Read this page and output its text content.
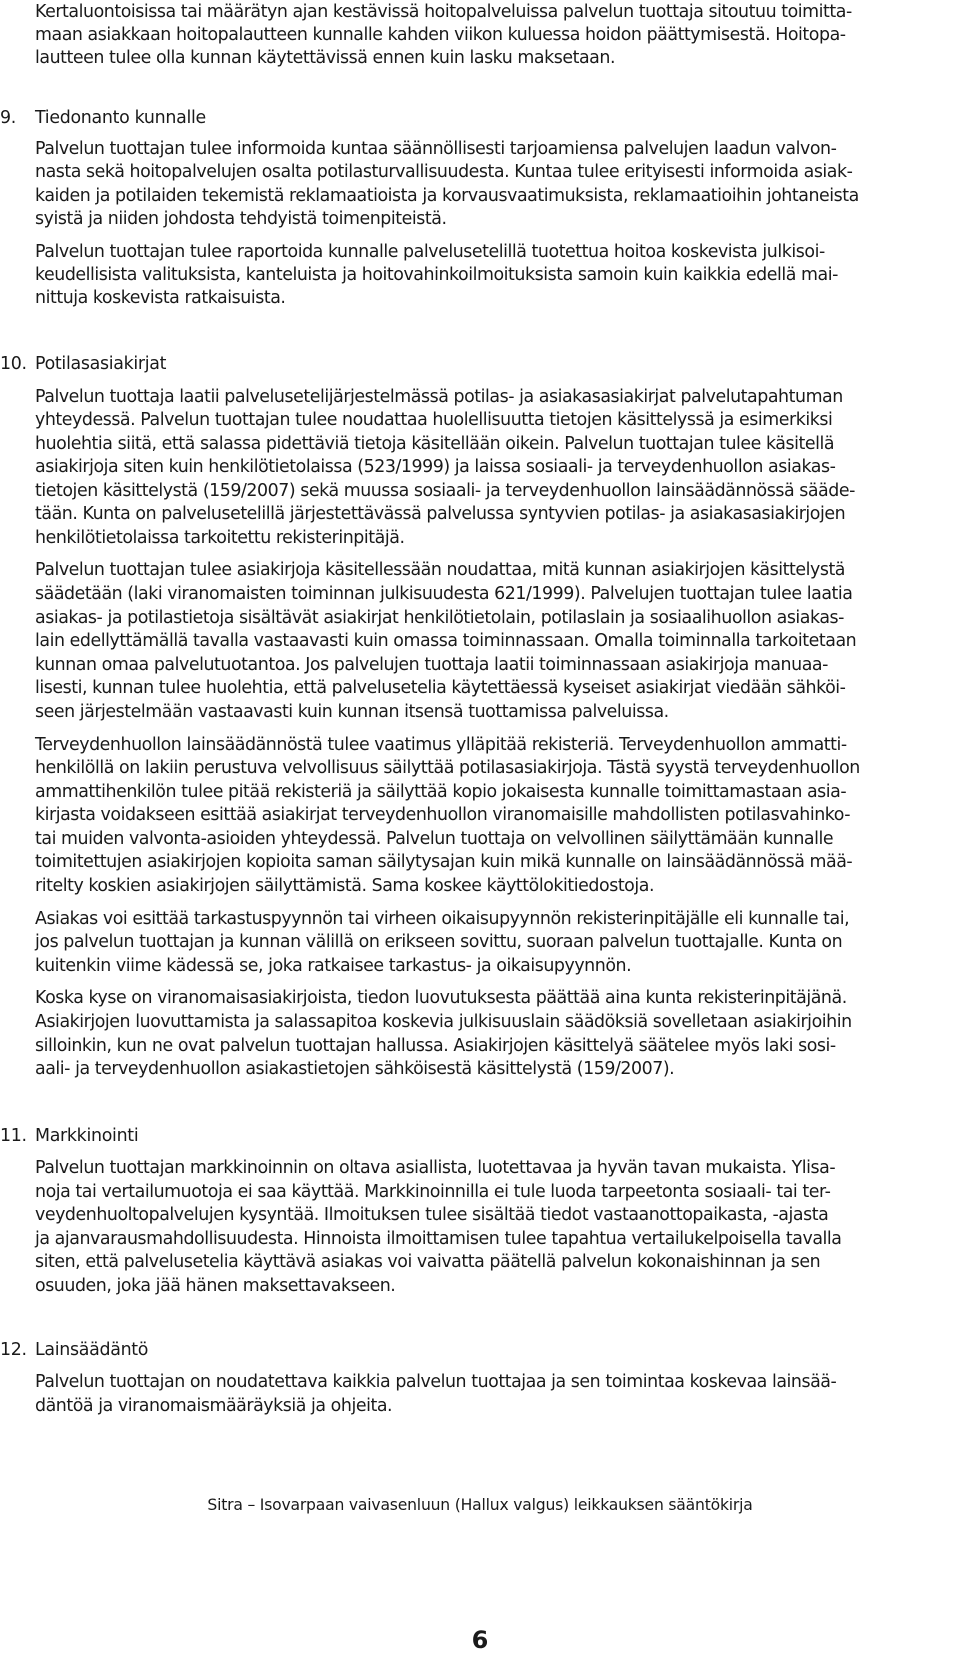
Kertaluontoisissa tai määrätyn ajan kestävissä hoitopalveluissa palvelun tuottaja sitoutuu toimitta-
maan asiakkaan hoitopalautteen kunnalle kahden viikon kuluessa hoidon päättymisestä. Hoitopa-
lautteen tulee olla kunnan käytettävissä ennen kuin lasku maksetaan.
9. Tiedonanto kunnalle
Palvelun tuottajan tulee informoida kuntaa säännöllisesti tarjoamiensa palvelujen laadun valvon-
nasta sekä hoitopalvelujen osalta potilasturvallisuudesta. Kuntaa tulee erityisesti informoida asiak-
kaiden ja potilaiden tekemistä reklamaatioista ja korvausvaatimuksista, reklamaatioihin johtaneista
syistä ja niiden johdosta tehdyistä toimenpiteistä.
Palvelun tuottajan tulee raportoida kunnalle palvelusetelillä tuotettua hoitoa koskevista julkisoi-
keudellisista valituksista, kanteluista ja hoitovahinkoilmoituksista samoin kuin kaikkia edellä mai-
nittuja koskevista ratkaisuista.
10. Potilasasiakirjat
Palvelun tuottaja laatii palvelusetelijärjestelmässä potilas- ja asiakasasiakirjat palvelutapahtuman
yhteydessä. Palvelun tuottajan tulee noudattaa huolellisuutta tietojen käsittelyssä ja esimerkiksi
huolehtia siitä, että salassa pidettäviä tietoja käsitellään oikein. Palvelun tuottajan tulee käsitellä
asiakirjoja siten kuin henkilötietolaissa (523/1999) ja laissa sosiaali- ja terveydenhuollon asiakas-
tietojen käsittelystä (159/2007) sekä muussa sosiaali- ja terveydenhuollon lainsäädännössä säädе-
tään. Kunta on palvelusetelillä järjestettävässä palvelussa syntyvien potilas- ja asiakasasiakirjojen
henkilötietolaissa tarkoitettu rekisterinpitäjä.
Palvelun tuottajan tulee asiakirjoja käsitellessään noudattaa, mitä kunnan asiakirjojen käsittelystä
säädetään (laki viranomaisten toiminnan julkisuudesta 621/1999). Palvelujen tuottajan tulee laatia
asiakas- ja potilastietoja sisältävät asiakirjat henkilötietolain, potilaslain ja sosiaalihuollon asiakas-
lain edellyttämällä tavalla vastaavasti kuin omassa toiminnassaan. Omalla toiminnalla tarkoitetaan
kunnan omaa palvelutuotantoa. Jos palvelujen tuottaja laatii toiminnassaan asiakirjoja manuaa-
lisesti, kunnan tulee huolehtia, että palvelusetelia käytettäessä kyseiset asiakirjat viedään sähköi-
seen järjestelmään vastaavasti kuin kunnan itsensä tuottamissa palveluissa.
Terveydenhuollon lainsäädännöstä tulee vaatimus ylläpitää rekisteriä. Terveydenhuollon ammatti-
henkilöllä on lakiin perustuva velvollisuus säilyttää potilasasiakirjoja. Tästä syystä terveydenhuollon
ammattihenkilön tulee pitää rekisteriä ja säilyttää kopio jokaisesta kunnalle toimittamastaan asia-
kirjasta voidakseen esittää asiakirjat terveydenhuollon viranomaisille mahdollisten potilasvahinko-
tai muiden valvonta-asioiden yhteydessä. Palvelun tuottaja on velvollinen säilyttämään kunnalle
toimitettujen asiakirjojen kopioita saman säilytysajan kuin mikä kunnalle on lainsäädännössä mää-
ritelty koskien asiakirjojen säilyttämistä. Sama koskee käyttölokitiedostoja.
Asiakas voi esittää tarkastuspyynnön tai virheen oikaisupyynnön rekisterinpitäjälle eli kunnalle tai,
jos palvelun tuottajan ja kunnan välillä on erikseen sovittu, suoraan palvelun tuottajalle. Kunta on
kuitenkin viime kädessä se, joka ratkaisee tarkastus- ja oikaisupyynnön.
Koska kyse on viranomaisasiakirjoista, tiedon luovutuksesta päättää aina kunta rekisterinpitäjänä.
Asiakirjojen luovuttamista ja salassapitoa koskevia julkisuuslain säädöksiä sovelletaan asiakirjoihin
silloinkin, kun ne ovat palvelun tuottajan hallussa. Asiakirjojen käsittelyä säätelee myös laki sosi-
aali- ja terveydenhuollon asiakastietojen sähköisestä käsittelystä (159/2007).
11. Markkinointi
Palvelun tuottajan markkinoinnin on oltava asiallista, luotettavaa ja hyvän tavan mukaista. Ylisa-
noja tai vertailumuotoja ei saa käyttää. Markkinoinnilla ei tule luoda tarpeetonta sosiaali- tai ter-
veydenhuoltopalvelujen kysyntää. Ilmoituksen tulee sisältää tiedot vastaanottopaikasta, -ajasta
ja ajanvarausmahdollisuudesta. Hinnoista ilmoittamisen tulee tapahtua vertailukelpoisella tavalla
siten, että palvelusetelia käyttävä asiakas voi vaivatta päätellä palvelun kokonaishinnan ja sen
osuuden, joka jää hänen maksettavakseen.
12. Lainsäädäntö
Palvelun tuottajan on noudatettava kaikkia palvelun tuottajaa ja sen toimintaa koskevaa lainsää-
däntöä ja viranomaismääräyksiä ja ohjeita.
Sitra – Isovarpaan vaivasenluun (Hallux valgus) leikkauksen sääntökirja
6
